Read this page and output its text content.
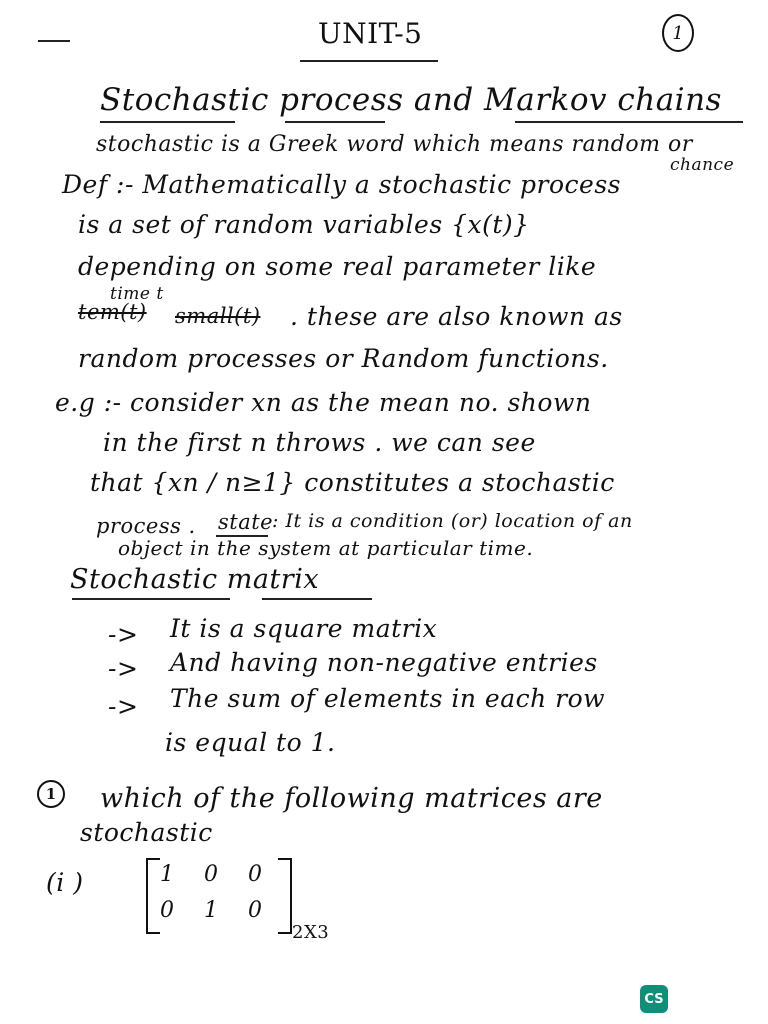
UNIT-5	1
Stochastic process and Markov chains
chance
stochastic is a Greek word which means random or
Def :- Mathematically a stochastic process
is a set of random variables {x(t)}
depending on some real parameter like
time t
tem(t) small(t) . these are also known as
random processes or Random functions.
e.g :- consider xn as the mean no. shown
in the first n throws . we can see
that {xn / n≥1} constitutes a stochastic
process . state
: It is a condition (or) location of an
object in the system at particular time.
Stochastic matrix
-> It is a square matrix
-> And having non-negative entries
-> The sum of elements in each row
is equal to 1.
1	which of the following matrices are
stochastic
(i )	1	0	0
0	1	0
2X3
CS
